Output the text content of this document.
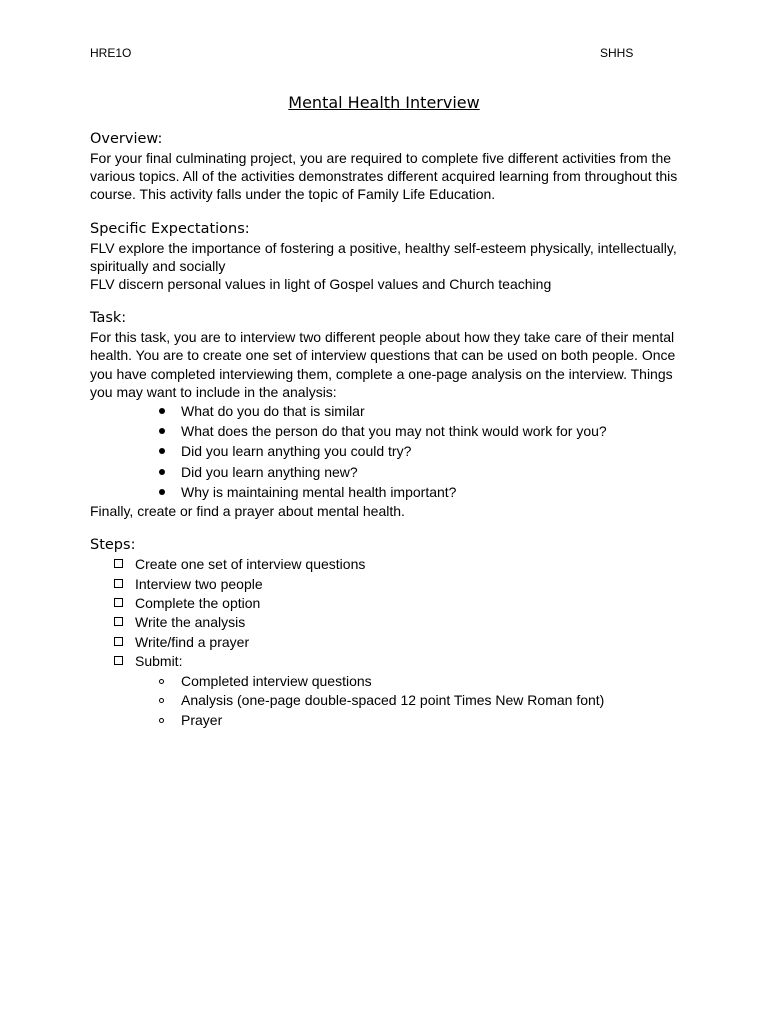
HRE1O	SHHS
Mental Health Interview
Overview:

For your final culminating project, you are required to complete five different activities from the various topics. All of the activities demonstrates different acquired learning from throughout this course. This activity falls under the topic of Family Life Education.

Specific Expectations:

FLV explore the importance of fostering a positive, healthy self-esteem physically, intellectually, spiritually and socially

FLV discern personal values in light of Gospel values and Church teaching

Task:

For this task, you are to interview two different people about how they take care of their mental health. You are to create one set of interview questions that can be used on both people. Once you have completed interviewing them, complete a one-page analysis on the interview. Things you may want to include in the analysis:

What do you do that is similar
What does the person do that you may not think would work for you?
Did you learn anything you could try?
Did you learn anything new?
Why is maintaining mental health important?

Finally, create or find a prayer about mental health.

Steps:
Create one set of interview questions
Interview two people
Complete the option
Write the analysis
Write/find a prayer
Submit:
Completed interview questions
Analysis (one-page double-spaced 12 point Times New Roman font)
Prayer
